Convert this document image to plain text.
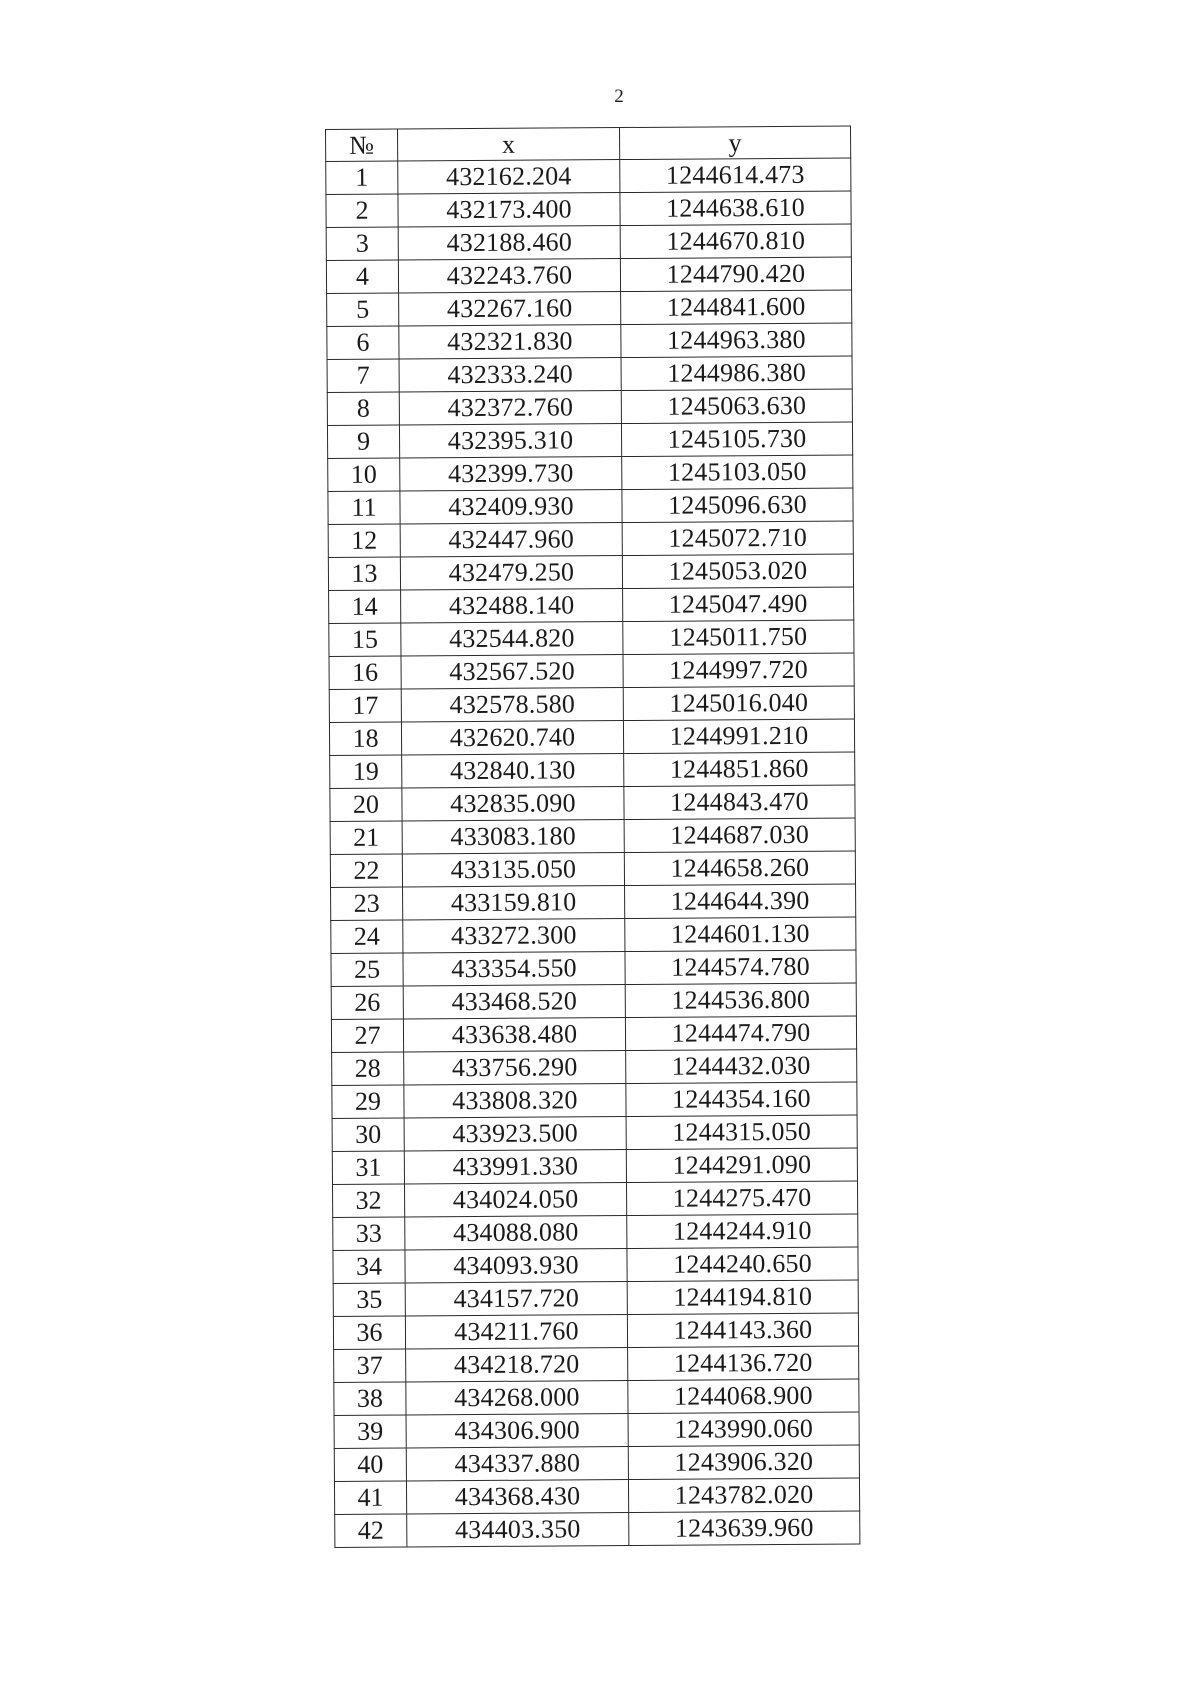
2
№	x	y
1	432162.204	1244614.473
2	432173.400	1244638.610
3	432188.460	1244670.810
4	432243.760	1244790.420
5	432267.160	1244841.600
6	432321.830	1244963.380
7	432333.240	1244986.380
8	432372.760	1245063.630
9	432395.310	1245105.730
10	432399.730	1245103.050
11	432409.930	1245096.630
12	432447.960	1245072.710
13	432479.250	1245053.020
14	432488.140	1245047.490
15	432544.820	1245011.750
16	432567.520	1244997.720
17	432578.580	1245016.040
18	432620.740	1244991.210
19	432840.130	1244851.860
20	432835.090	1244843.470
21	433083.180	1244687.030
22	433135.050	1244658.260
23	433159.810	1244644.390
24	433272.300	1244601.130
25	433354.550	1244574.780
26	433468.520	1244536.800
27	433638.480	1244474.790
28	433756.290	1244432.030
29	433808.320	1244354.160
30	433923.500	1244315.050
31	433991.330	1244291.090
32	434024.050	1244275.470
33	434088.080	1244244.910
34	434093.930	1244240.650
35	434157.720	1244194.810
36	434211.760	1244143.360
37	434218.720	1244136.720
38	434268.000	1244068.900
39	434306.900	1243990.060
40	434337.880	1243906.320
41	434368.430	1243782.020
42	434403.350	1243639.960
